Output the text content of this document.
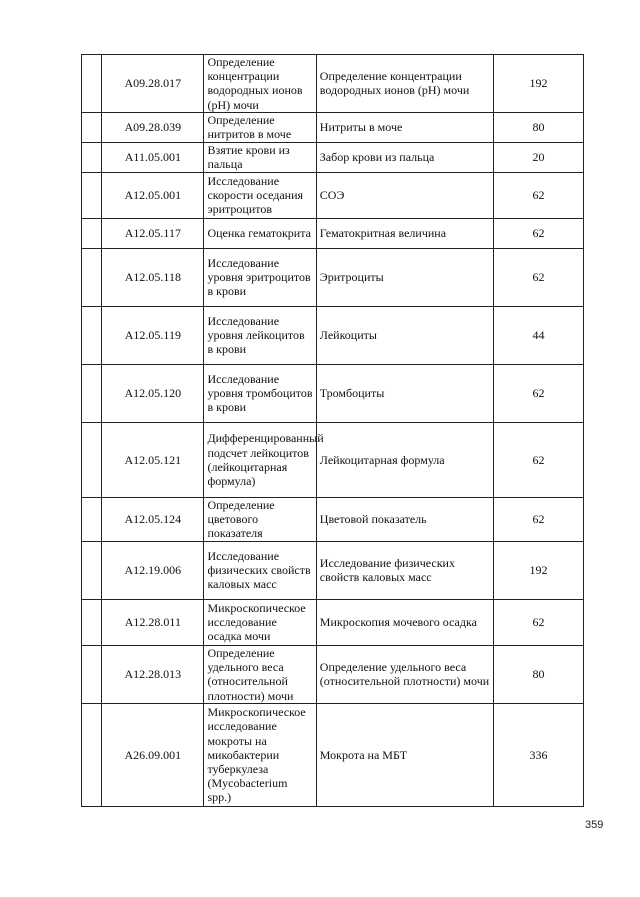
	A09.28.017	Определение концентрации водородных ионов (pH) мочи	Определение концентрации водородных ионов (pH) мочи	192
	A09.28.039	Определение нитритов в моче	Нитриты в моче	80
	A11.05.001	Взятие крови из пальца	Забор крови из пальца	20
	A12.05.001	Исследование скорости оседания эритроцитов	СОЭ	62
	A12.05.117	Оценка гематокрита	Гематокритная величина	62
	A12.05.118	Исследование уровня эритроцитов в крови	Эритроциты	62
	A12.05.119	Исследование уровня лейкоцитов в крови	Лейкоциты	44
	A12.05.120	Исследование уровня тромбоцитов в крови	Тромбоциты	62
	A12.05.121	Дифференцированный подсчет лейкоцитов (лейкоцитарная формула)	Лейкоцитарная формула	62
	A12.05.124	Определение цветового показателя	Цветовой показатель	62
	A12.19.006	Исследование физических свойств каловых масс	Исследование физических свойств каловых масс	192
	A12.28.011	Микроскопическое исследование осадка мочи	Микроскопия мочевого осадка	62
	A12.28.013	Определение удельного веса (относительной плотности) мочи	Определение удельного веса (относительной плотности) мочи	80
	A26.09.001	Микроскопическое исследование мокроты на микобактерии туберкулеза (Mycobacterium spp.)	Мокрота на МБТ	336
359
